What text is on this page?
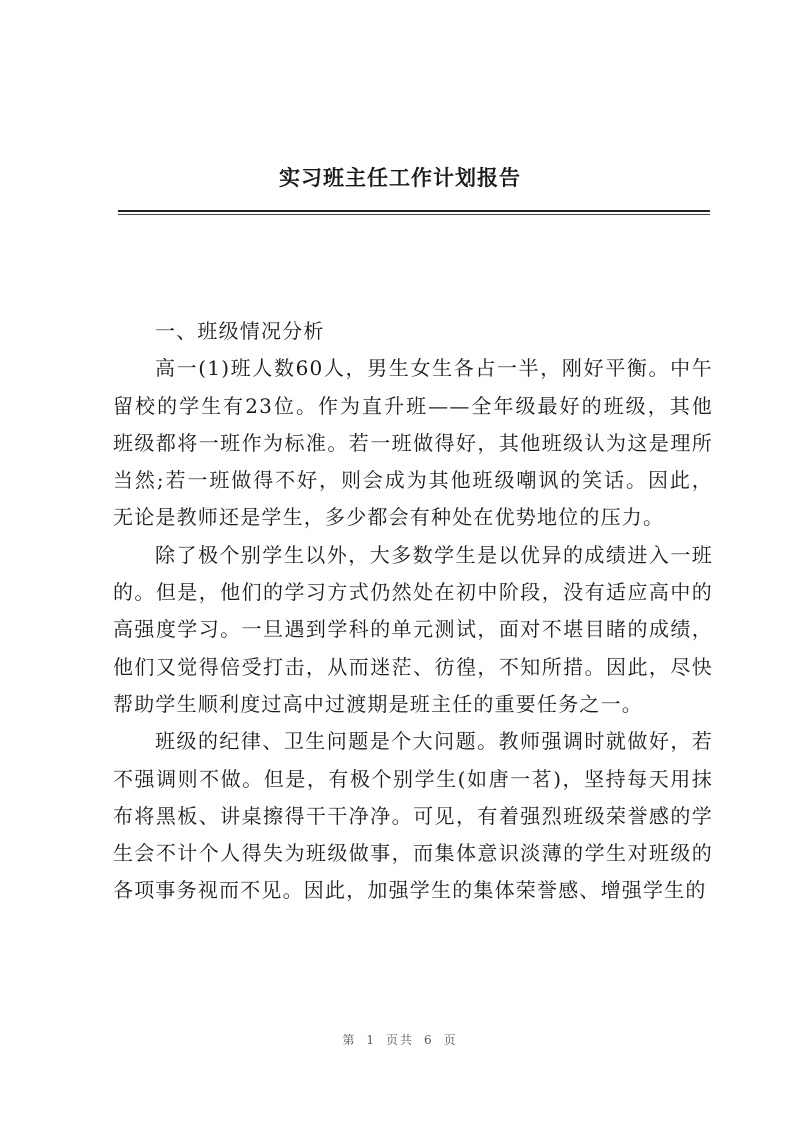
实习班主任工作计划报告

一、班级情况分析

高一(1)班人数60人，男生女生各占一半，刚好平衡。中午留校的学生有23位。作为直升班——全年级最好的班级，其他班级都将一班作为标准。若一班做得好，其他班级认为这是理所当然;若一班做得不好，则会成为其他班级嘲讽的笑话。因此，无论是教师还是学生，多少都会有种处在优势地位的压力。

除了极个别学生以外，大多数学生是以优异的成绩进入一班的。但是，他们的学习方式仍然处在初中阶段，没有适应高中的高强度学习。一旦遇到学科的单元测试，面对不堪目睹的成绩，他们又觉得倍受打击，从而迷茫、彷徨，不知所措。因此，尽快帮助学生顺利度过高中过渡期是班主任的重要任务之一。

班级的纪律、卫生问题是个大问题。教师强调时就做好，若不强调则不做。但是，有极个别学生(如唐一茗)，坚持每天用抹布将黑板、讲桌擦得干干净净。可见，有着强烈班级荣誉感的学生会不计个人得失为班级做事，而集体意识淡薄的学生对班级的各项事务视而不见。因此，加强学生的集体荣誉感、增强学生的

第 1 页共 6 页
